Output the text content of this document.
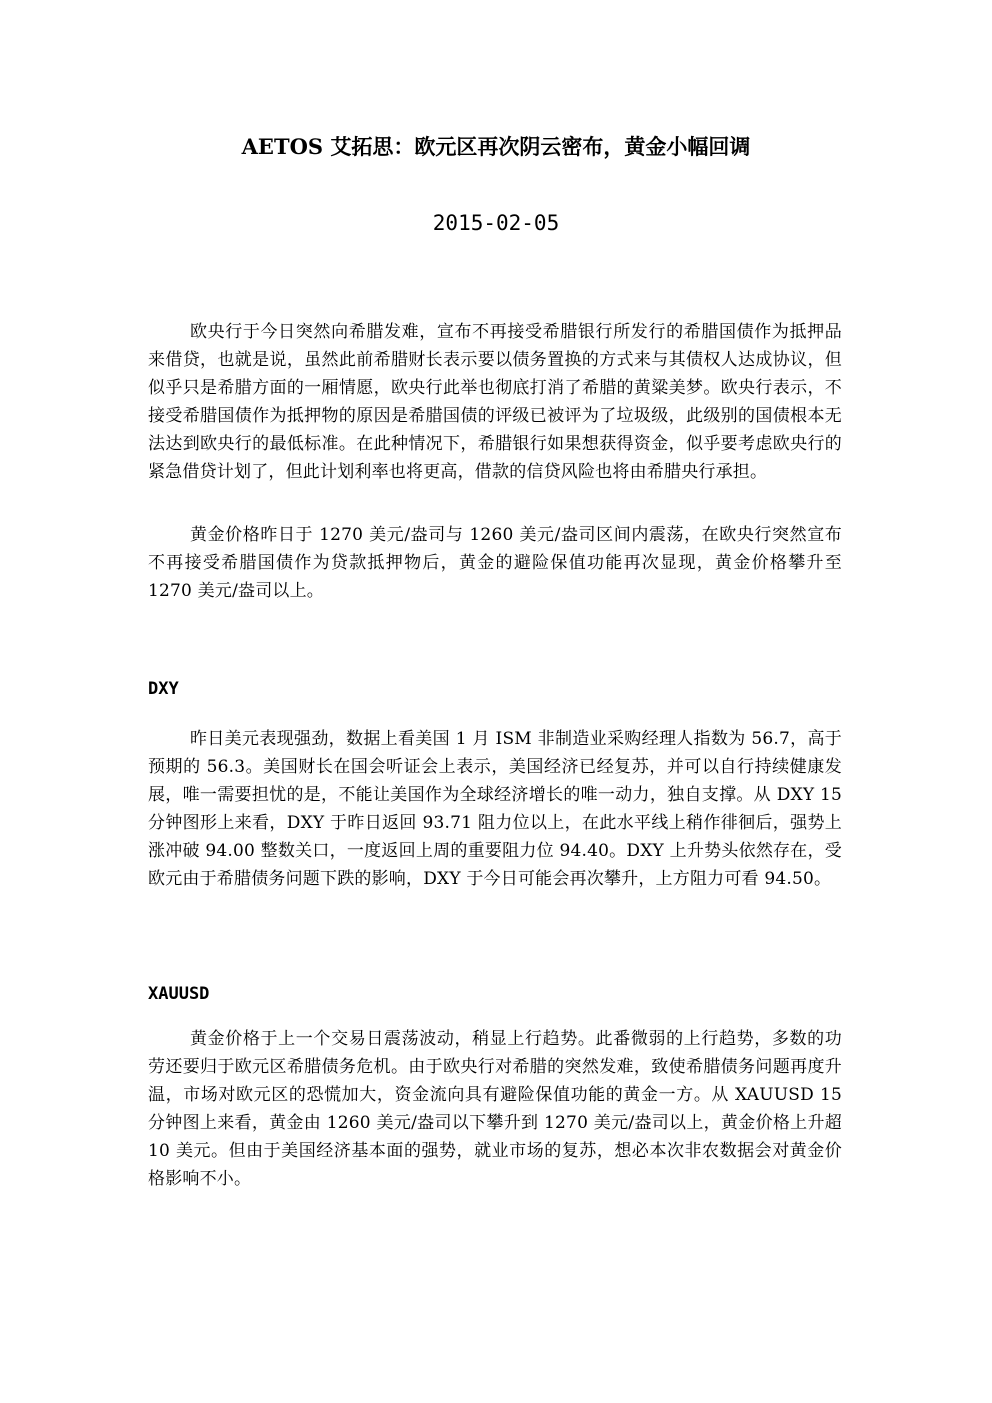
AETOS 艾拓思：欧元区再次阴云密布，黄金小幅回调
2015-02-05

欧央行于今日突然向希腊发难，宣布不再接受希腊银行所发行的希腊国债作为抵押品来借贷，也就是说，虽然此前希腊财长表示要以债务置换的方式来与其债权人达成协议，但似乎只是希腊方面的一厢情愿，欧央行此举也彻底打消了希腊的黄粱美梦。欧央行表示，不接受希腊国债作为抵押物的原因是希腊国债的评级已被评为了垃圾级，此级别的国债根本无法达到欧央行的最低标准。在此种情况下，希腊银行如果想获得资金，似乎要考虑欧央行的紧急借贷计划了，但此计划利率也将更高，借款的信贷风险也将由希腊央行承担。

黄金价格昨日于 1270 美元/盎司与 1260 美元/盎司区间内震荡，在欧央行突然宣布不再接受希腊国债作为贷款抵押物后，黄金的避险保值功能再次显现，黄金价格攀升至 1270 美元/盎司以上。

DXY

昨日美元表现强劲，数据上看美国 1 月 ISM 非制造业采购经理人指数为 56.7，高于预期的 56.3。美国财长在国会听证会上表示，美国经济已经复苏，并可以自行持续健康发展，唯一需要担忧的是，不能让美国作为全球经济增长的唯一动力，独自支撑。从 DXY 15 分钟图形上来看，DXY 于昨日返回 93.71 阻力位以上，在此水平线上稍作徘徊后，强势上涨冲破 94.00 整数关口，一度返回上周的重要阻力位 94.40。DXY 上升势头依然存在，受欧元由于希腊债务问题下跌的影响，DXY 于今日可能会再次攀升，上方阻力可看 94.50。

XAUUSD

黄金价格于上一个交易日震荡波动，稍显上行趋势。此番微弱的上行趋势，多数的功劳还要归于欧元区希腊债务危机。由于欧央行对希腊的突然发难，致使希腊债务问题再度升温，市场对欧元区的恐慌加大，资金流向具有避险保值功能的黄金一方。从 XAUUSD 15 分钟图上来看，黄金由 1260 美元/盎司以下攀升到 1270 美元/盎司以上，黄金价格上升超 10 美元。但由于美国经济基本面的强势，就业市场的复苏，想必本次非农数据会对黄金价格影响不小。
